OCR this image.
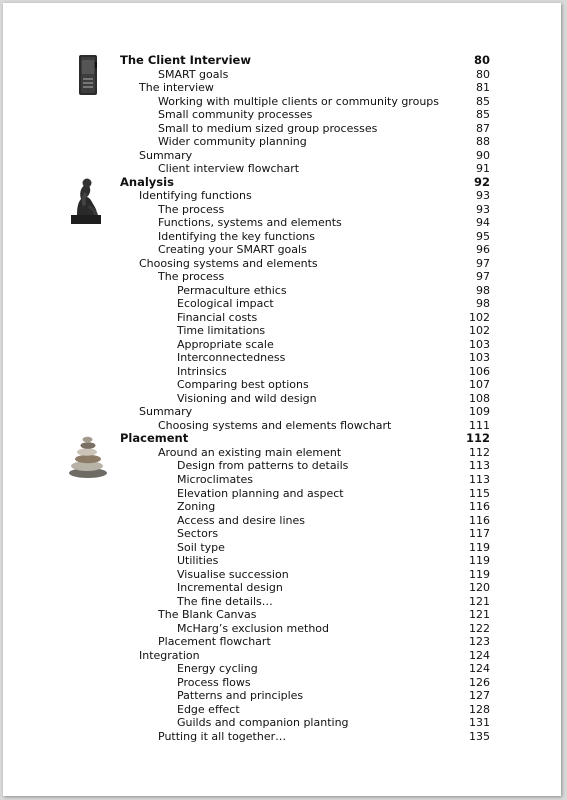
The Client Interview	80
SMART goals	80
The interview	81
Working with multiple clients or community groups	85
Small community processes	85
Small to medium sized group processes	87
Wider community planning	88
Summary	90
Client interview flowchart	91
Analysis	92
Identifying functions	93
The process	93
Functions, systems and elements	94
Identifying the key functions	95
Creating your SMART goals	96
Choosing systems and elements	97
The process	97
Permaculture ethics	98
Ecological impact	98
Financial costs	102
Time limitations	102
Appropriate scale	103
Interconnectedness	103
Intrinsics	106
Comparing best options	107
Visioning and wild design	108
Summary	109
Choosing systems and elements flowchart	111
Placement	112
Around an existing main element	112
Design from patterns to details	113
Microclimates	113
Elevation planning and aspect	115
Zoning	116
Access and desire lines	116
Sectors	117
Soil type	119
Utilities	119
Visualise succession	119
Incremental design	120
The fine details…	121
The Blank Canvas	121
McHarg’s exclusion method	122
Placement flowchart	123
Integration	124
Energy cycling	124
Process flows	126
Patterns and principles	127
Edge effect	128
Guilds and companion planting	131
Putting it all together…	135
